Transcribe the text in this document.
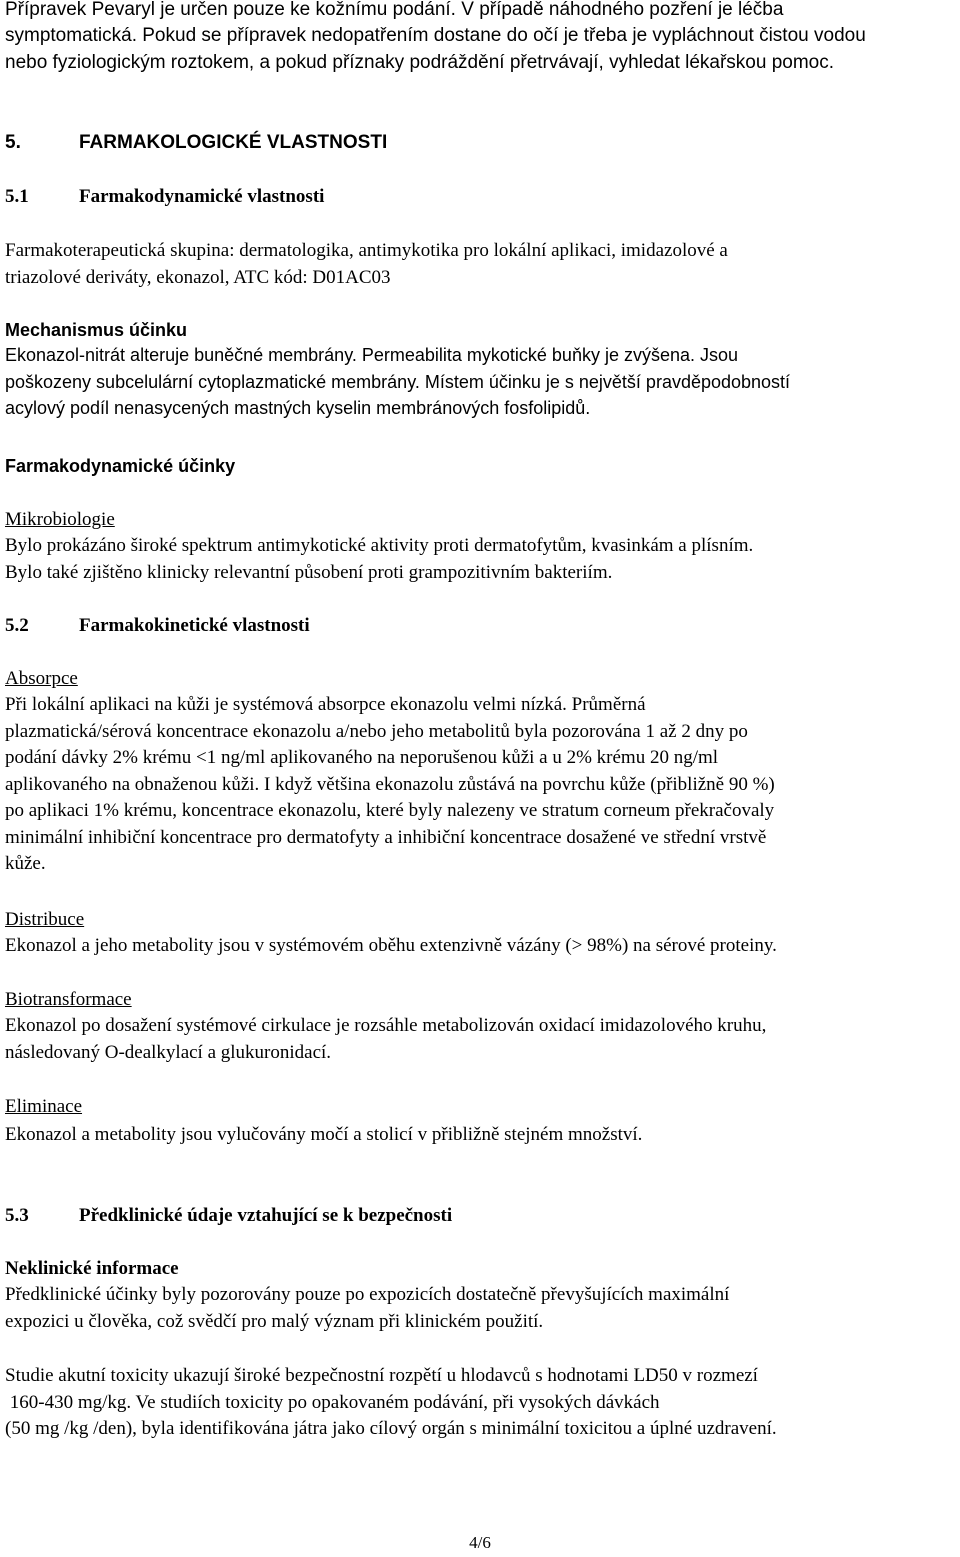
Přípravek Pevaryl je určen pouze ke kožnímu podání. V případě náhodného pozření je léčba
symptomatická. Pokud se přípravek nedopatřením dostane do očí je třeba je vypláchnout čistou vodou
nebo fyziologickým roztokem, a pokud příznaky podráždění přetrvávají, vyhledat lékařskou pomoc.
5.	FARMAKOLOGICKÉ VLASTNOSTI
5.1	Farmakodynamické vlastnosti
Farmakoterapeutická skupina: dermatologika, antimykotika pro lokální aplikaci, imidazolové a
triazolové deriváty, ekonazol, ATC kód: D01AC03
Mechanismus účinku
Ekonazol-nitrát alteruje buněčné membrány. Permeabilita mykotické buňky je zvýšena. Jsou
poškozeny subcelulární cytoplazmatické membrány. Místem účinku je s největší pravděpodobností
acylový podíl nenasycených mastných kyselin membránových fosfolipidů.
Farmakodynamické účinky
Mikrobiologie
Bylo prokázáno široké spektrum antimykotické aktivity proti dermatofytům, kvasinkám a plísním.
Bylo také zjištěno klinicky relevantní působení proti grampozitivním bakteriím.
5.2	Farmakokinetické vlastnosti
Absorpce
Při lokální aplikaci na kůži je systémová absorpce ekonazolu velmi nízká. Průměrná
plazmatická/sérová koncentrace ekonazolu a/nebo jeho metabolitů byla pozorována 1 až 2 dny po
podání dávky 2% krému <1 ng/ml aplikovaného na neporušenou kůži a u 2% krému 20 ng/ml
aplikovaného na obnaženou kůži. I když většina ekonazolu zůstává na povrchu kůže (přibližně 90 %)
po aplikaci 1% krému, koncentrace ekonazolu, které byly nalezeny ve stratum corneum překračovaly
minimální inhibiční koncentrace pro dermatofyty a inhibiční koncentrace dosažené ve střední vrstvě
kůže.
Distribuce
Ekonazol a jeho metabolity jsou v systémovém oběhu extenzivně vázány (> 98%) na sérové proteiny.
Biotransformace
Ekonazol po dosažení systémové cirkulace je rozsáhle metabolizován oxidací imidazolového kruhu,
následovaný O-dealkylací a glukuronidací.
Eliminace
Ekonazol a metabolity jsou vylučovány močí a stolicí v přibližně stejném množství.
5.3	Předklinické údaje vztahující se k bezpečnosti
Neklinické informace
Předklinické účinky byly pozorovány pouze po expozicích dostatečně převyšujících maximální
expozici u člověka, což svědčí pro malý význam při klinickém použití.
Studie akutní toxicity ukazují široké bezpečnostní rozpětí u hlodavců s hodnotami LD50 v rozmezí
160-430 mg/kg. Ve studiích toxicity po opakovaném podávání, při vysokých dávkách
(50 mg /kg /den), byla identifikována játra jako cílový orgán s minimální toxicitou a úplné uzdravení.
4/6
